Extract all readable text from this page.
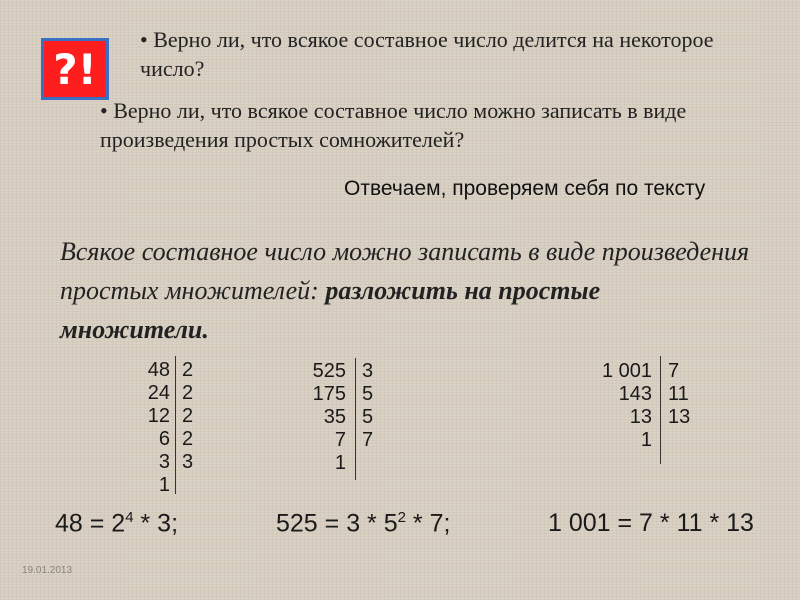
?!
• Верно ли, что всякое составное число делится на некоторое число?
• Верно ли, что всякое составное число можно записать в виде произведения простых сомножителей?
Отвечаем, проверяем себя по тексту
Всякое составное число можно записать в виде произведения простых множителей: разложить на простые множители.
48
24
12
6
3
1
2
2
2
2
3
525
175
35
7
1
3
5
5
7
1 001
143
13
1
7
11
13
$48 = 2^4 * 3$;	$525 = 3 * 5^2 * 7$;	1 001 = 7 * 11 * 13
19.01.2013
